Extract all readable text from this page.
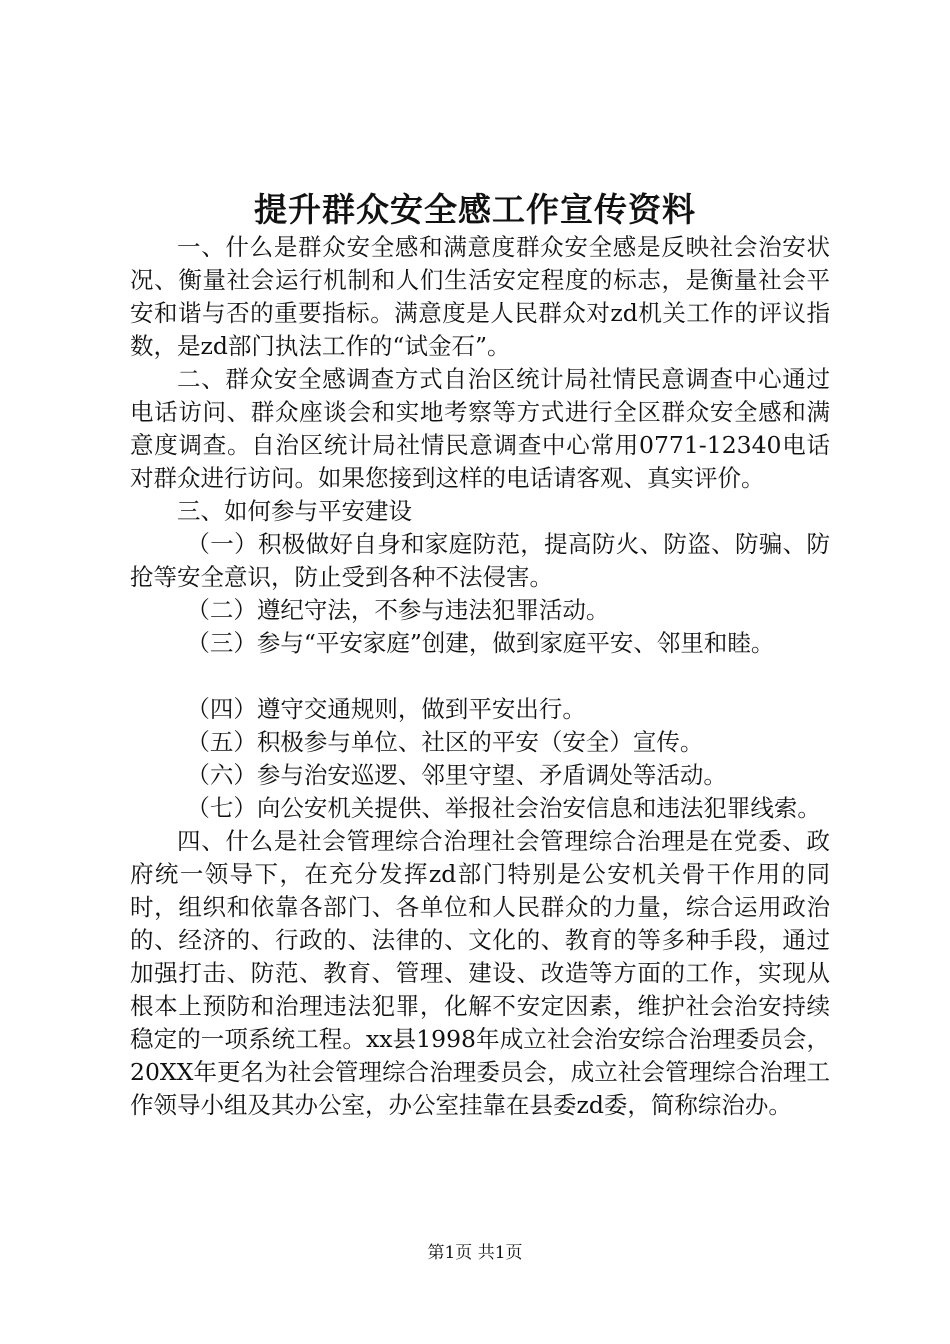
提升群众安全感工作宣传资料

一、什么是群众安全感和满意度群众安全感是反映社会治安状况、衡量社会运行机制和人们生活安定程度的标志，是衡量社会平安和谐与否的重要指标。满意度是人民群众对zd机关工作的评议指数，是zd部门执法工作的“试金石”。

二、群众安全感调查方式自治区统计局社情民意调查中心通过电话访问、群众座谈会和实地考察等方式进行全区群众安全感和满意度调查。自治区统计局社情民意调查中心常用0771-12340电话对群众进行访问。如果您接到这样的电话请客观、真实评价。

三、如何参与平安建设

（一）积极做好自身和家庭防范，提高防火、防盗、防骗、防抢等安全意识，防止受到各种不法侵害。

（二）遵纪守法，不参与违法犯罪活动。

（三）参与“平安家庭”创建，做到家庭平安、邻里和睦。

（四）遵守交通规则，做到平安出行。

（五）积极参与单位、社区的平安（安全）宣传。

（六）参与治安巡逻、邻里守望、矛盾调处等活动。

（七）向公安机关提供、举报社会治安信息和违法犯罪线索。

四、什么是社会管理综合治理社会管理综合治理是在党委、政府统一领导下，在充分发挥zd部门特别是公安机关骨干作用的同时，组织和依靠各部门、各单位和人民群众的力量，综合运用政治的、经济的、行政的、法律的、文化的、教育的等多种手段，通过加强打击、防范、教育、管理、建设、改造等方面的工作，实现从根本上预防和治理违法犯罪，化解不安定因素，维护社会治安持续稳定的一项系统工程。xx县1998年成立社会治安综合治理委员会，20XX年更名为社会管理综合治理委员会，成立社会管理综合治理工作领导小组及其办公室，办公室挂靠在县委zd委，简称综治办。

第1页 共1页
